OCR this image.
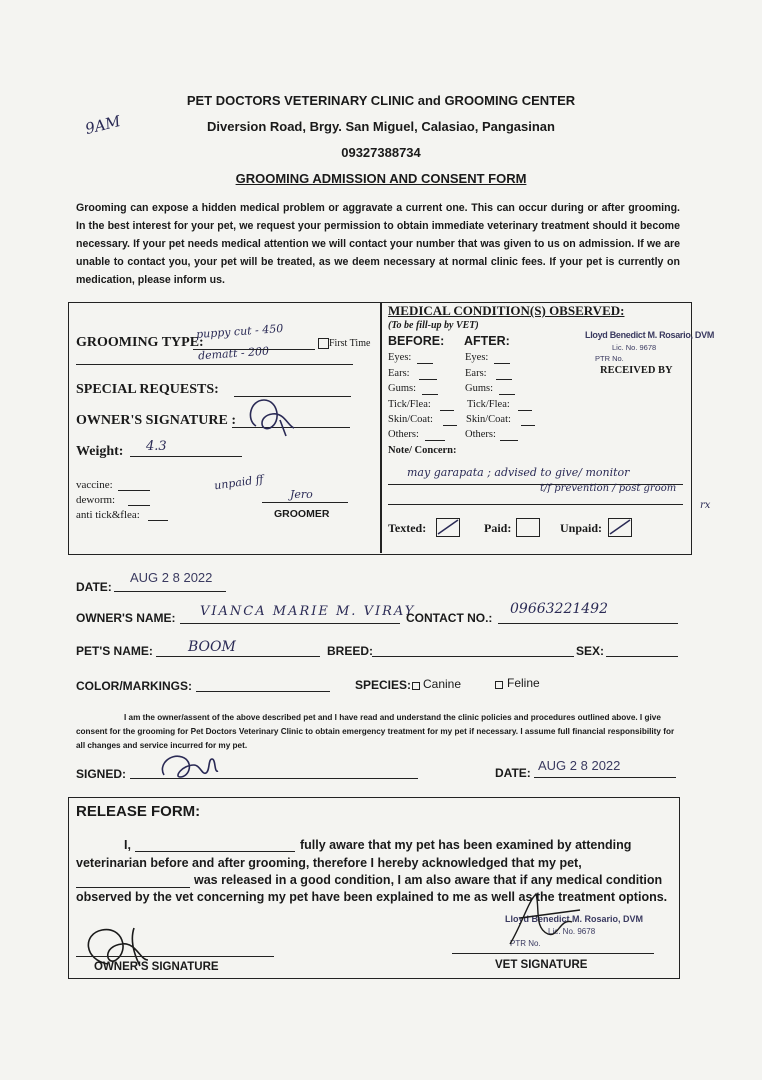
9AM
PET DOCTORS VETERINARY CLINIC and GROOMING CENTER
Diversion Road, Brgy. San Miguel, Calasiao, Pangasinan
09327388734
GROOMING ADMISSION AND CONSENT FORM
Grooming can expose a hidden medical problem or aggravate a current one. This can occur during or after grooming. In the best interest for your pet, we request your permission to obtain immediate veterinary treatment should it become necessary. If your pet needs medical attention we will contact your number that was given to us on admission. If we are unable to contact you, your pet will be treated, as we deem necessary at normal clinic fees. If your pet is currently on medication, please inform us.
GROOMING TYPE:
puppy cut - 450
dematt - 200
First Time
SPECIAL REQUESTS:
OWNER'S SIGNATURE :
Weight: 4.3
vaccine:
deworm:
anti tick&flea:
unpaid ff
Jero
GROOMER
MEDICAL CONDITION(S) OBSERVED:
(To be fill-up by VET)
BEFORE: AFTER:
Eyes:	Eyes:
Ears:	Ears:
Gums:	Gums:
Tick/Flea:	Tick/Flea:
Skin/Coat:	Skin/Coat:
Others:	Others:
Note/ Concern:
may garapata ; advised to give/ monitor
t/f prevention / post groom
rx
Texted:	Paid:	Unpaid:
Lloyd Benedict M. Rosario, DVM
Lic. No. 9678
PTR No.
RECEIVED BY
DATE:
AUG 2 8 2022
OWNER'S NAME: VIANCA MARIE M. VIRAY
CONTACT NO.:
09663221492
PET'S NAME:	BOOM	BREED:	SEX:
COLOR/MARKINGS:	SPECIES: Canine	Feline
I am the owner/assent of the above described pet and I have read and understand the clinic policies and procedures outlined above. I give consent for the grooming for Pet Doctors Veterinary Clinic to obtain emergency treatment for my pet if necessary. I assume full financial responsibility for all changes and service incurred for my pet.
SIGNED:	DATE: AUG 2 8 2022
RELEASE FORM:
I,	fully aware that my pet has been examined by attending
veterinarian before and after grooming, therefore I hereby acknowledged that my pet,
was released in a good condition, I am also aware that if any medical condition
observed by the vet concerning my pet have been explained to me as well as the treatment options.
OWNER'S SIGNATURE
Lloyd Benedict M. Rosario, DVM
Lic. No. 9678
PTR No.
VET SIGNATURE
